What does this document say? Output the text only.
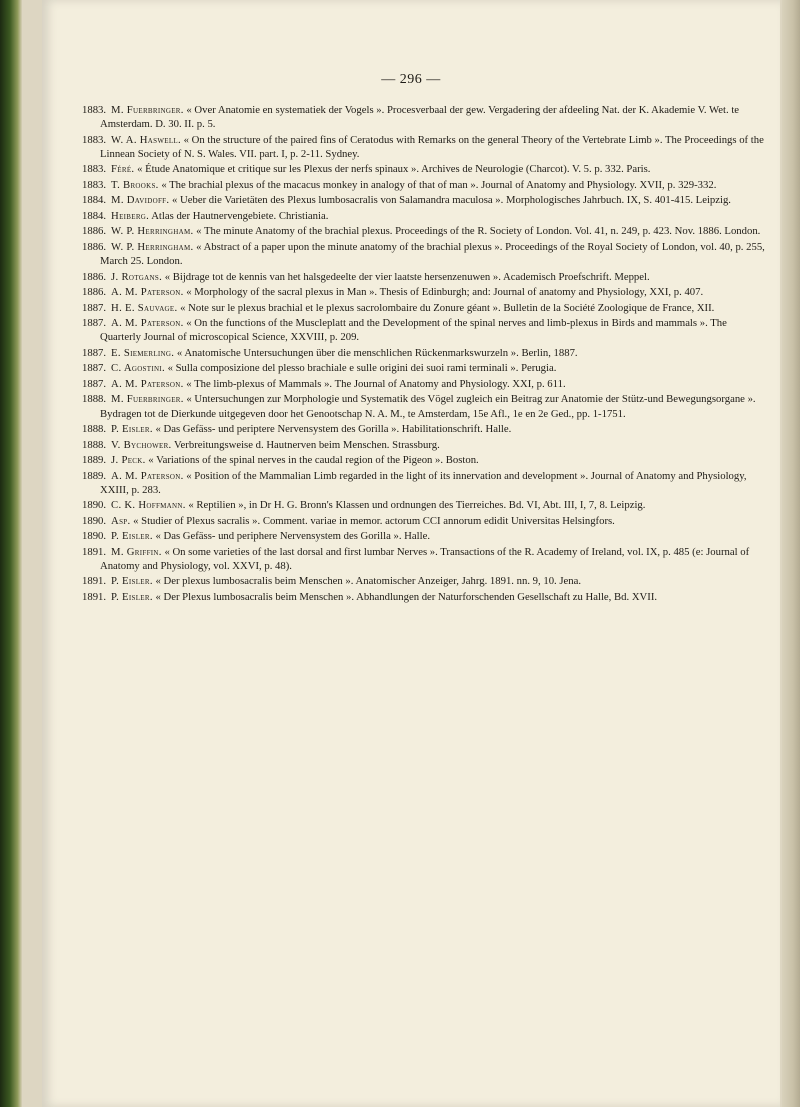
— 296 —

1883. M. Fuerbringer. « Over Anatomie en systematiek der Vogels ». Procesverbaal der gew. Vergadering der afdeeling Nat. der K. Akademie V. Wet. te Amsterdam. D. 30. II. p. 5.

1883. W. A. Haswell. « On the structure of the paired fins of Ceratodus with Remarks on the general Theory of the Vertebrate Limb ». The Proceedings of the Linnean Society of N. S. Wales. VII. part. I, p. 2-11. Sydney.

1883. Féré. « Étude Anatomique et critique sur les Plexus der nerfs spinaux ». Archives de Neurologie (Charcot). V. 5. p. 332. Paris.

1883. T. Brooks. « The brachial plexus of the macacus monkey in analogy of that of man ». Journal of Anatomy and Physiology. XVII, p. 329-332.

1884. M. Davidoff. « Ueber die Varietäten des Plexus lumbosacralis von Salamandra maculosa ». Morphologisches Jahrbuch. IX, S. 401-415. Leipzig.

1884. Heiberg. Atlas der Hautnervengebiete. Christiania.

1886. W. P. Herringham. « The minute Anatomy of the brachial plexus. Proceedings of the R. Society of London. Vol. 41, n. 249, p. 423. Nov. 1886. London.

1886. W. P. Herringham. « Abstract of a paper upon the minute anatomy of the brachial plexus ». Proceedings of the Royal Society of London, vol. 40, p. 255, March 25. London.

1886. J. Rotgans. « Bijdrage tot de kennis van het halsgedeelte der vier laatste hersenzenuwen ». Academisch Proefschrift. Meppel.

1886. A. M. Paterson. « Morphology of the sacral plexus in Man ». Thesis of Edinburgh; and: Journal of anatomy and Physiology, XXI, p. 407.

1887. H. E. Sauvage. « Note sur le plexus brachial et le plexus sacrolombaire du Zonure géant ». Bulletin de la Société Zoologique de France, XII.

1887. A. M. Paterson. « On the functions of the Muscleplatt and the Development of the spinal nerves and limb-plexus in Birds and mammals ». The Quarterly Journal of microscopical Science, XXVIII, p. 209.

1887. E. Siemerling. « Anatomische Untersuchungen über die menschlichen Rückenmarkswurzeln ». Berlin, 1887.

1887. C. Agostini. « Sulla composizione del plesso brachiale e sulle origini dei suoi rami terminali ». Perugia.

1887. A. M. Paterson. « The limb-plexus of Mammals ». The Journal of Anatomy and Physiology. XXI, p. 611.

1888. M. Fuerbringer. « Untersuchungen zur Morphologie und Systematik des Vögel zugleich ein Beitrag zur Anatomie der Stütz-und Bewegungsorgane ». Bydragen tot de Dierkunde uitgegeven door het Genootschap N. A. M., te Amsterdam, 15e Afl., 1e en 2e Ged., pp. 1-1751.

1888. P. Eisler. « Das Gefäss- und periptere Nervensystem des Gorilla ». Habilitationschrift. Halle.

1888. V. Bychower. Verbreitungsweise d. Hautnerven beim Menschen. Strassburg.

1889. J. Peck. « Variations of the spinal nerves in the caudal region of the Pigeon ». Boston.

1889. A. M. Paterson. « Position of the Mammalian Limb regarded in the light of its innervation and development ». Journal of Anatomy and Physiology, XXIII, p. 283.

1890. C. K. Hoffmann. « Reptilien », in Dr H. G. Bronn's Klassen und ordnungen des Tierreiches. Bd. VI, Abt. III, I, 7, 8. Leipzig.

1890. Asp. « Studier of Plexus sacralis ». Comment. variae in memor. actorum CCI annorum edidit Universitas Helsingfors.

1890. P. Eisler. « Das Gefäss- und periphere Nervensystem des Gorilla ». Halle.

1891. M. Griffin. « On some varieties of the last dorsal and first lumbar Nerves ». Transactions of the R. Academy of Ireland, vol. IX, p. 485 (e: Journal of Anatomy and Physiology, vol. XXVI, p. 48).

1891. P. Eisler. « Der plexus lumbosacralis beim Menschen ». Anatomischer Anzeiger, Jahrg. 1891. nn. 9, 10. Jena.

1891. P. Eisler. « Der Plexus lumbosacralis beim Menschen ». Abhandlungen der Naturforschenden Gesellschaft zu Halle, Bd. XVII.
